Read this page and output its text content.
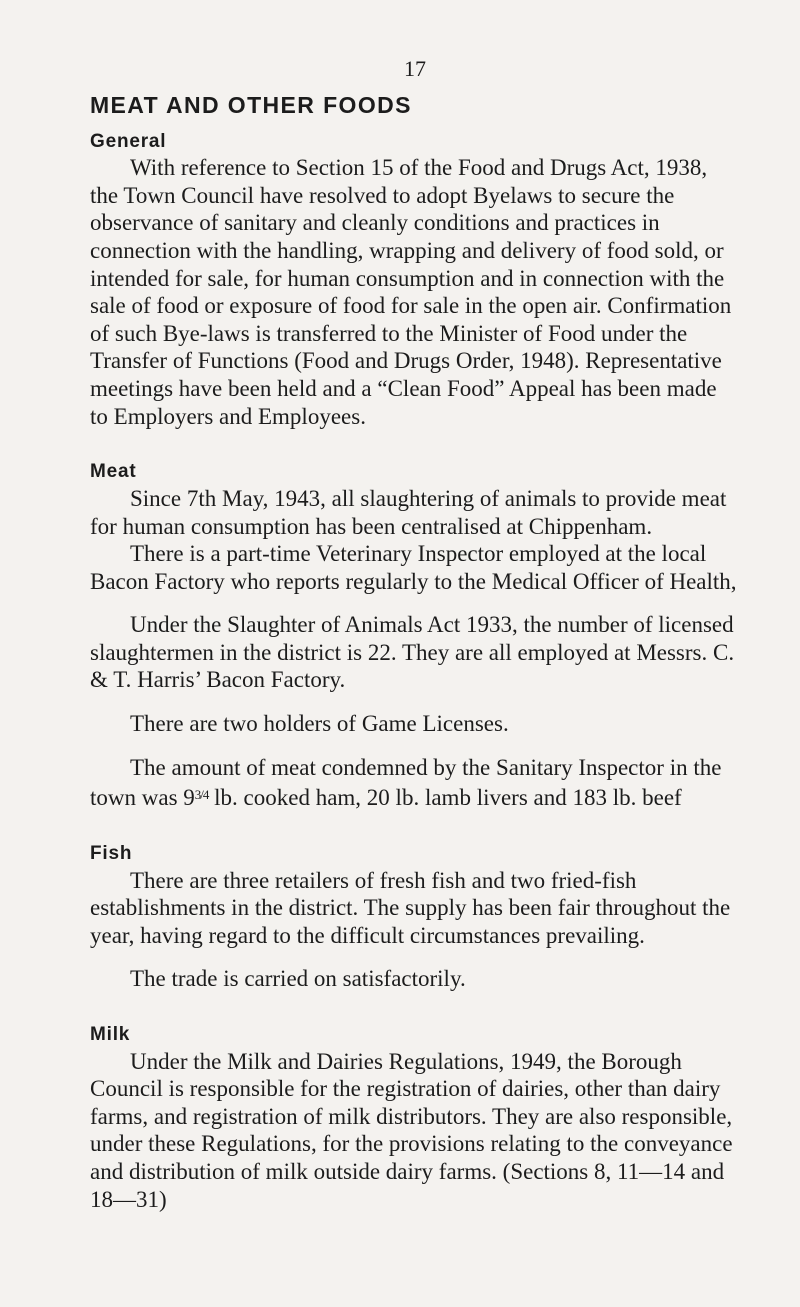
17
MEAT AND OTHER FOODS
General

With reference to Section 15 of the Food and Drugs Act, 1938, the Town Council have resolved to adopt Byelaws to secure the observance of sanitary and cleanly conditions and practices in connection with the handling, wrapping and delivery of food sold, or intended for sale, for human consumption and in connection with the sale of food or exposure of food for sale in the open air. Confirmation of such Bye-laws is transferred to the Minister of Food under the Transfer of Functions (Food and Drugs Order, 1948). Representative meetings have been held and a “Clean Food” Appeal has been made to Employers and Employees.

Meat

Since 7th May, 1943, all slaughtering of animals to provide meat for human consumption has been centralised at Chippenham.

There is a part-time Veterinary Inspector employed at the local Bacon Factory who reports regularly to the Medical Officer of Health,

Under the Slaughter of Animals Act 1933, the number of licensed slaughtermen in the district is 22. They are all employed at Messrs. C. & T. Harris’ Bacon Factory.

There are two holders of Game Licenses.

The amount of meat condemned by the Sanitary Inspector in the town was $9^{3/4}$ lb. cooked ham, 20 lb. lamb livers and 183 lb. beef

Fish

There are three retailers of fresh fish and two fried-fish establishments in the district. The supply has been fair throughout the year, having regard to the difficult circumstances prevailing.

The trade is carried on satisfactorily.

Milk

Under the Milk and Dairies Regulations, 1949, the Borough Council is responsible for the registration of dairies, other than dairy farms, and registration of milk distributors. They are also responsible, under these Regulations, for the provisions relating to the conveyance and distribution of milk outside dairy farms. (Sections 8, 11—14 and 18—31)
